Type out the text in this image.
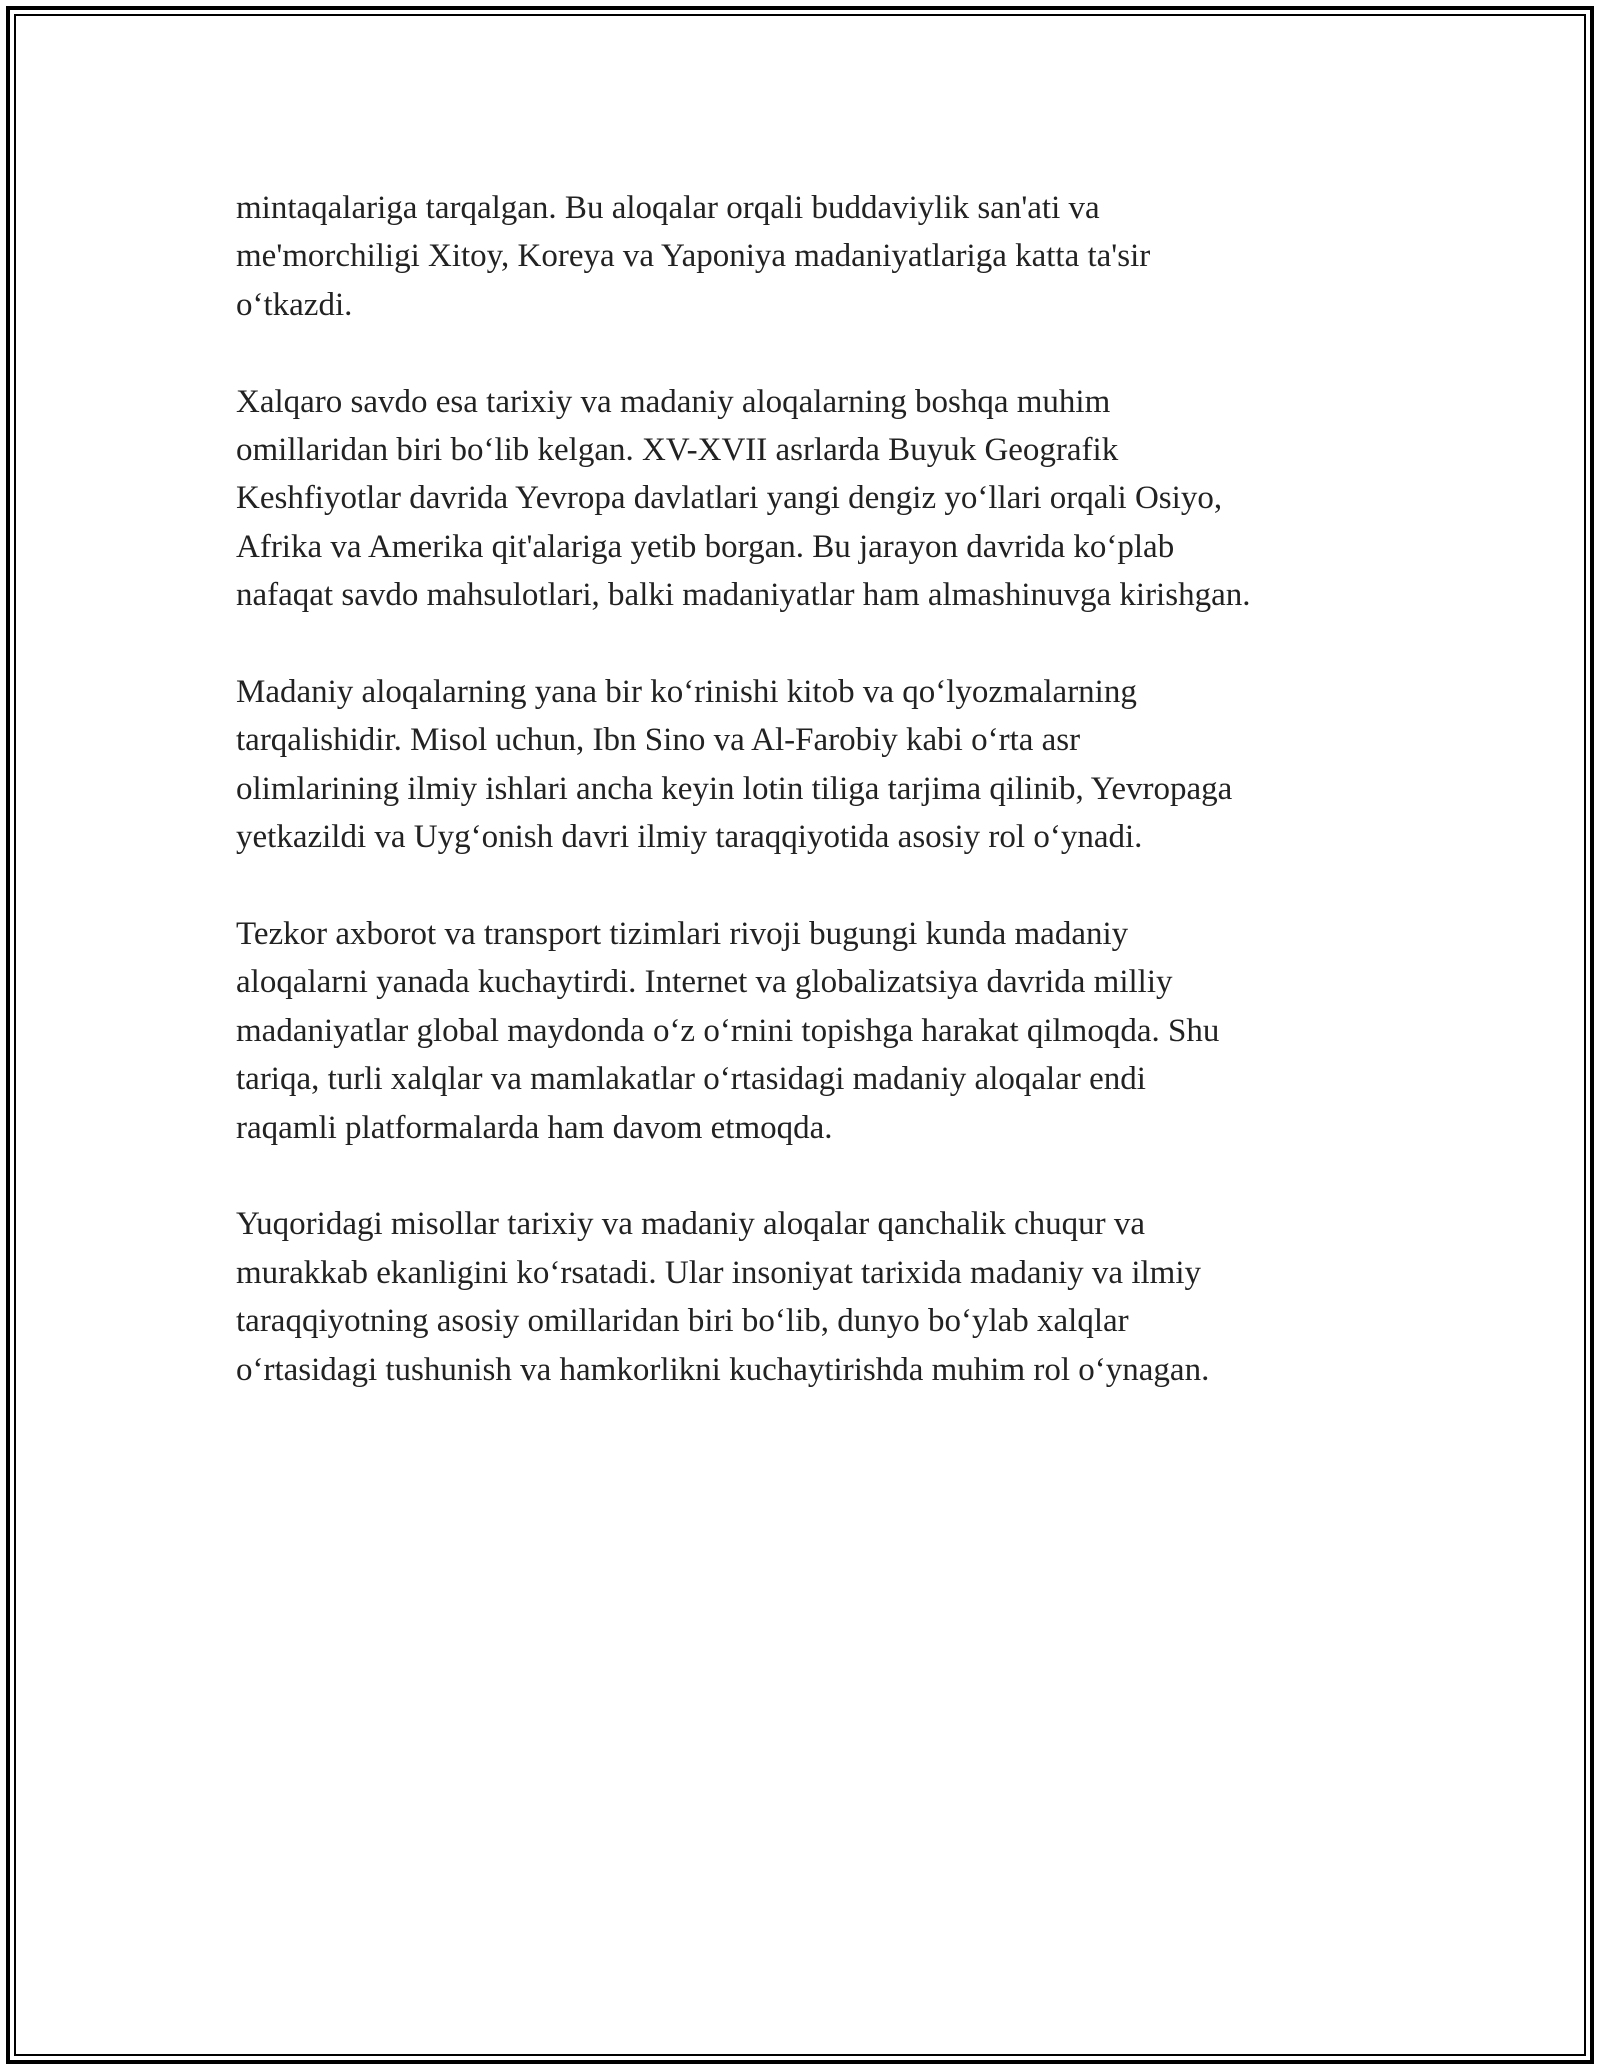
mintaqalariga tarqalgan. Bu aloqalar orqali buddaviylik san'ati va
me'morchiligi Xitoy, Koreya va Yaponiya madaniyatlariga katta ta'sir
o‘tkazdi.

Xalqaro savdo esa tarixiy va madaniy aloqalarning boshqa muhim
omillaridan biri bo‘lib kelgan. XV-XVII asrlarda Buyuk Geografik
Keshfiyotlar davrida Yevropa davlatlari yangi dengiz yo‘llari orqali Osiyo,
Afrika va Amerika qit'alariga yetib borgan. Bu jarayon davrida ko‘plab
nafaqat savdo mahsulotlari, balki madaniyatlar ham almashinuvga kirishgan.

Madaniy aloqalarning yana bir ko‘rinishi kitob va qo‘lyozmalarning
tarqalishidir. Misol uchun, Ibn Sino va Al-Farobiy kabi o‘rta asr
olimlarining ilmiy ishlari ancha keyin lotin tiliga tarjima qilinib, Yevropaga
yetkazildi va Uyg‘onish davri ilmiy taraqqiyotida asosiy rol o‘ynadi.

Tezkor axborot va transport tizimlari rivoji bugungi kunda madaniy
aloqalarni yanada kuchaytirdi. Internet va globalizatsiya davrida milliy
madaniyatlar global maydonda o‘z o‘rnini topishga harakat qilmoqda. Shu
tariqa, turli xalqlar va mamlakatlar o‘rtasidagi madaniy aloqalar endi
raqamli platformalarda ham davom etmoqda.

Yuqoridagi misollar tarixiy va madaniy aloqalar qanchalik chuqur va
murakkab ekanligini ko‘rsatadi. Ular insoniyat tarixida madaniy va ilmiy
taraqqiyotning asosiy omillaridan biri bo‘lib, dunyo bo‘ylab xalqlar
o‘rtasidagi tushunish va hamkorlikni kuchaytirishda muhim rol o‘ynagan.
